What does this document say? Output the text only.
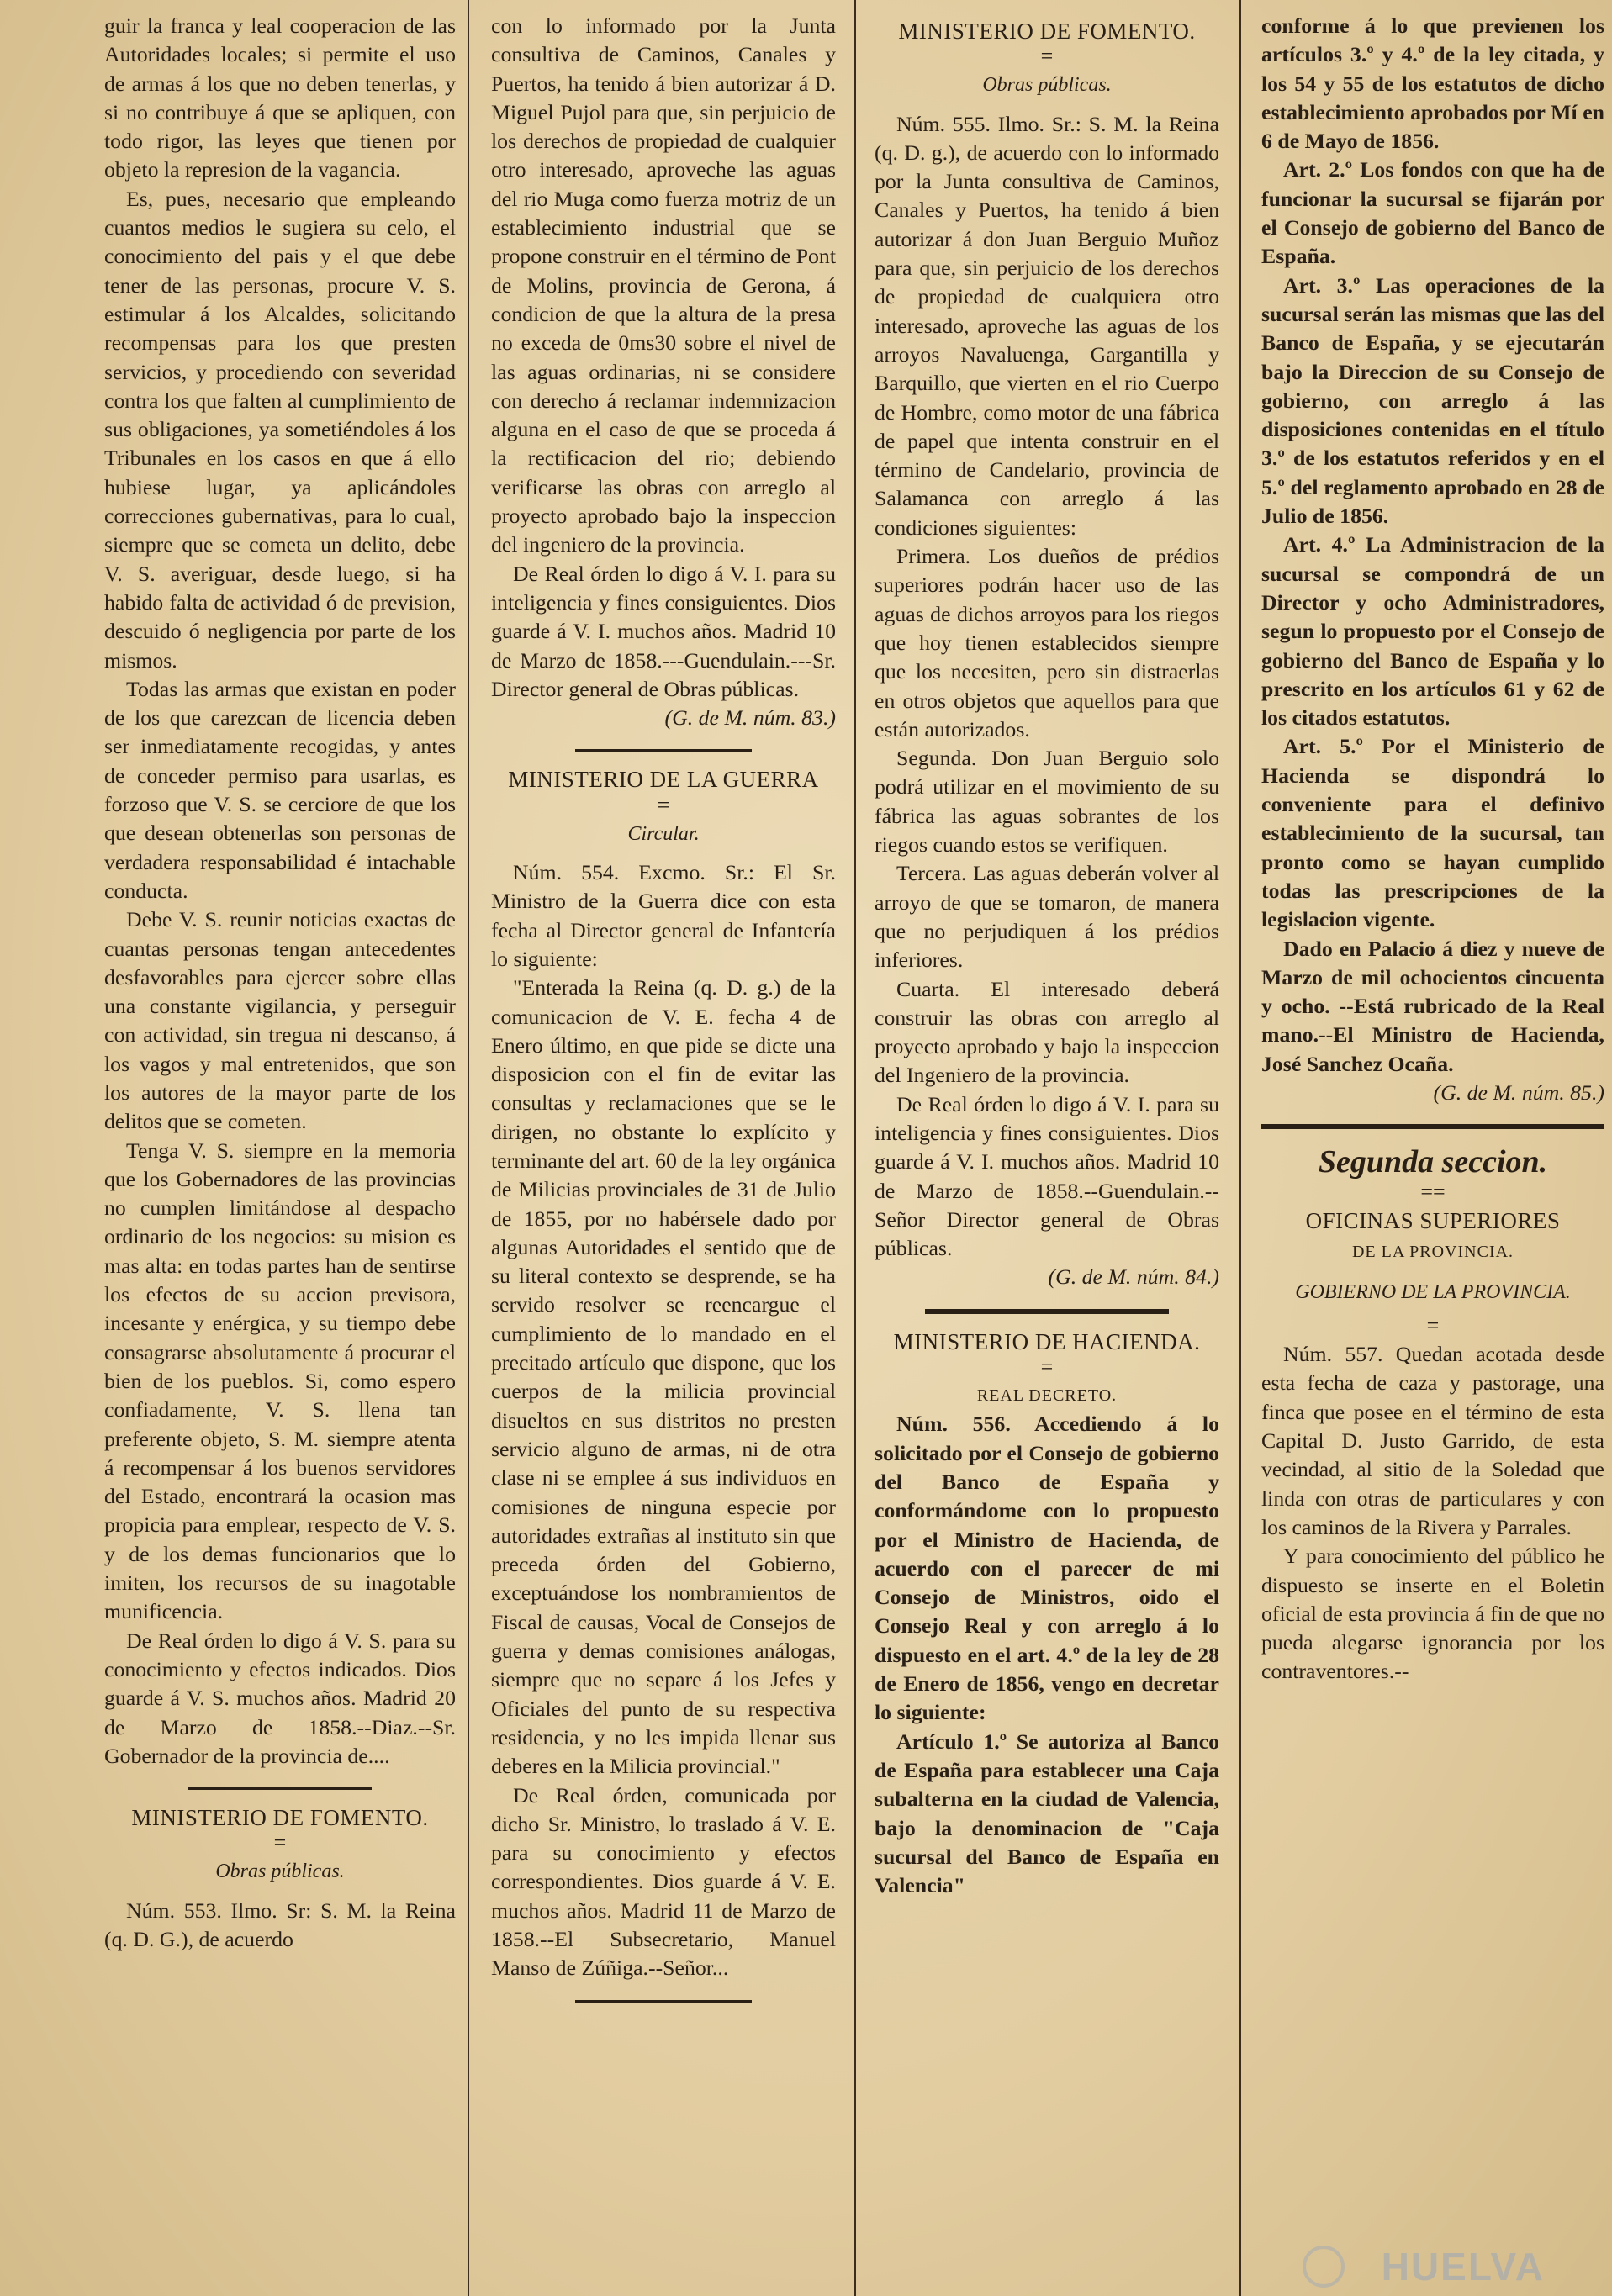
guir la franca y leal cooperacion de las Autoridades locales; si permite el uso de armas á los que no deben tenerlas, y si no contribuye á que se apliquen, con todo rigor, las leyes que tienen por objeto la represion de la vagancia.

Es, pues, necesario que empleando cuantos medios le sugiera su celo, el conocimiento del pais y el que debe tener de las personas, procure V. S. estimular á los Alcaldes, solicitando recompensas para los que presten servicios, y procediendo con severidad contra los que falten al cumplimiento de sus obligaciones, ya sometiéndoles á los Tribunales en los casos en que á ello hubiese lugar, ya aplicándoles correcciones gubernativas, para lo cual, siempre que se cometa un delito, debe V. S. averiguar, desde luego, si ha habido falta de actividad ó de prevision, descuido ó negligencia por parte de los mismos.

Todas las armas que existan en poder de los que carezcan de licencia deben ser inmediatamente recogidas, y antes de conceder permiso para usarlas, es forzoso que V. S. se cerciore de que los que desean obtenerlas son personas de verdadera responsabilidad é intachable conducta.

Debe V. S. reunir noticias exactas de cuantas personas tengan antecedentes desfavorables para ejercer sobre ellas una constante vigilancia, y perseguir con actividad, sin tregua ni descanso, á los vagos y mal entretenidos, que son los autores de la mayor parte de los delitos que se cometen.

Tenga V. S. siempre en la memoria que los Gobernadores de las provincias no cumplen limitándose al despacho ordinario de los negocios: su mision es mas alta: en todas partes han de sentirse los efectos de su accion previsora, incesante y enérgica, y su tiempo debe consagrarse absolutamente á procurar el bien de los pueblos. Si, como espero confiadamente, V. S. llena tan preferente objeto, S. M. siempre atenta á recompensar á los buenos servidores del Estado, encontrará la ocasion mas propicia para emplear, respecto de V. S. y de los demas funcionarios que lo imiten, los recursos de su inagotable munificencia.

De Real órden lo digo á V. S. para su conocimiento y efectos indicados. Dios guarde á V. S. muchos años. Madrid 20 de Marzo de 1858.--Diaz.--Sr. Gobernador de la provincia de....

MINISTERIO DE FOMENTO.
=
Obras públicas.

Núm. 553. Ilmo. Sr: S. M. la Reina (q. D. G.), de acuerdo

con lo informado por la Junta consultiva de Caminos, Canales y Puertos, ha tenido á bien autorizar á D. Miguel Pujol para que, sin perjuicio de los derechos de propiedad de cualquier otro interesado, aproveche las aguas del rio Muga como fuerza motriz de un establecimiento industrial que se propone construir en el término de Pont de Molins, provincia de Gerona, á condicion de que la altura de la presa no exceda de 0ms30 sobre el nivel de las aguas ordinarias, ni se considere con derecho á reclamar indemnizacion alguna en el caso de que se proceda á la rectificacion del rio; debiendo verificarse las obras con arreglo al proyecto aprobado bajo la inspeccion del ingeniero de la provincia.

De Real órden lo digo á V. I. para su inteligencia y fines consiguientes. Dios guarde á V. I. muchos años. Madrid 10 de Marzo de 1858.---Guendulain.---Sr. Director general de Obras públicas.

(G. de M. núm. 83.)
MINISTERIO DE LA GUERRA
=
Circular.

Núm. 554. Excmo. Sr.: El Sr. Ministro de la Guerra dice con esta fecha al Director general de Infantería lo siguiente:

"Enterada la Reina (q. D. g.) de la comunicacion de V. E. fecha 4 de Enero último, en que pide se dicte una disposicion con el fin de evitar las consultas y reclamaciones que se le dirigen, no obstante lo explícito y terminante del art. 60 de la ley orgánica de Milicias provinciales de 31 de Julio de 1855, por no habérsele dado por algunas Autoridades el sentido que de su literal contexto se desprende, se ha servido resolver se reencargue el cumplimiento de lo mandado en el precitado artículo que dispone, que los cuerpos de la milicia provincial disueltos en sus distritos no presten servicio alguno de armas, ni de otra clase ni se emplee á sus individuos en comisiones de ninguna especie por autoridades extrañas al instituto sin que preceda órden del Gobierno, exceptuándose los nombramientos de Fiscal de causas, Vocal de Consejos de guerra y demas comisiones análogas, siempre que no separe á los Jefes y Oficiales del punto de su respectiva residencia, y no les impida llenar sus deberes en la Milicia provincial."

De Real órden, comunicada por dicho Sr. Ministro, lo traslado á V. E. para su conocimiento y efectos correspondientes. Dios guarde á V. E. muchos años. Madrid 11 de Marzo de 1858.--El Subsecretario, Manuel Manso de Zúñiga.--Señor...

MINISTERIO DE FOMENTO.
=
Obras públicas.

Núm. 555. Ilmo. Sr.: S. M. la Reina (q. D. g.), de acuerdo con lo informado por la Junta consultiva de Caminos, Canales y Puertos, ha tenido á bien autorizar á don Juan Berguio Muñoz para que, sin perjuicio de los derechos de propiedad de cualquiera otro interesado, aproveche las aguas de los arroyos Navaluenga, Gargantilla y Barquillo, que vierten en el rio Cuerpo de Hombre, como motor de una fábrica de papel que intenta construir en el término de Candelario, provincia de Salamanca con arreglo á las condiciones siguientes:

Primera. Los dueños de prédios superiores podrán hacer uso de las aguas de dichos arroyos para los riegos que hoy tienen establecidos siempre que los necesiten, pero sin distraerlas en otros objetos que aquellos para que están autorizados.

Segunda. Don Juan Berguio solo podrá utilizar en el movimiento de su fábrica las aguas sobrantes de los riegos cuando estos se verifiquen.

Tercera. Las aguas deberán volver al arroyo de que se tomaron, de manera que no perjudiquen á los prédios inferiores.

Cuarta. El interesado deberá construir las obras con arreglo al proyecto aprobado y bajo la inspeccion del Ingeniero de la provincia.

De Real órden lo digo á V. I. para su inteligencia y fines consiguientes. Dios guarde á V. I. muchos años. Madrid 10 de Marzo de 1858.--Guendulain.--Señor Director general de Obras públicas.

(G. de M. núm. 84.)
MINISTERIO DE HACIENDA.
=
REAL DECRETO.

Núm. 556. Accediendo á lo solicitado por el Consejo de gobierno del Banco de España y conformándome con lo propuesto por el Ministro de Hacienda, de acuerdo con el parecer de mi Consejo de Ministros, oido el Consejo Real y con arreglo á lo dispuesto en el art. 4.º de la ley de 28 de Enero de 1856, vengo en decretar lo siguiente:

Artículo 1.º Se autoriza al Banco de España para establecer una Caja subalterna en la ciudad de Valencia, bajo la denominacion de "Caja sucursal del Banco de España en Valencia"

conforme á lo que previenen los artículos 3.º y 4.º de la ley citada, y los 54 y 55 de los estatutos de dicho establecimiento aprobados por Mí en 6 de Mayo de 1856.

Art. 2.º Los fondos con que ha de funcionar la sucursal se fijarán por el Consejo de gobierno del Banco de España.

Art. 3.º Las operaciones de la sucursal serán las mismas que las del Banco de España, y se ejecutarán bajo la Direccion de su Consejo de gobierno, con arreglo á las disposiciones contenidas en el título 3.º de los estatutos referidos y en el 5.º del reglamento aprobado en 28 de Julio de 1856.

Art. 4.º La Administracion de la sucursal se compondrá de un Director y ocho Administradores, segun lo propuesto por el Consejo de gobierno del Banco de España y lo prescrito en los artículos 61 y 62 de los citados estatutos.

Art. 5.º Por el Ministerio de Hacienda se dispondrá lo conveniente para el definivo establecimiento de la sucursal, tan pronto como se hayan cumplido todas las prescripciones de la legislacion vigente.

Dado en Palacio á diez y nueve de Marzo de mil ochocientos cincuenta y ocho. --Está rubricado de la Real mano.--El Ministro de Hacienda, José Sanchez Ocaña.

(G. de M. núm. 85.)
Segunda seccion.
==
OFICINAS SUPERIORES
DE LA PROVINCIA.
GOBIERNO DE LA PROVINCIA.
=

Núm. 557. Quedan acotada desde esta fecha de caza y pastorage, una finca que posee en el término de esta Capital D. Justo Garrido, de esta vecindad, al sitio de la Soledad que linda con otras de particulares y con los caminos de la Rivera y Parrales.

Y para conocimiento del público he dispuesto se inserte en el Boletin oficial de esta provincia á fin de que no pueda alegarse ignorancia por los contraventores.--

HUELVA
